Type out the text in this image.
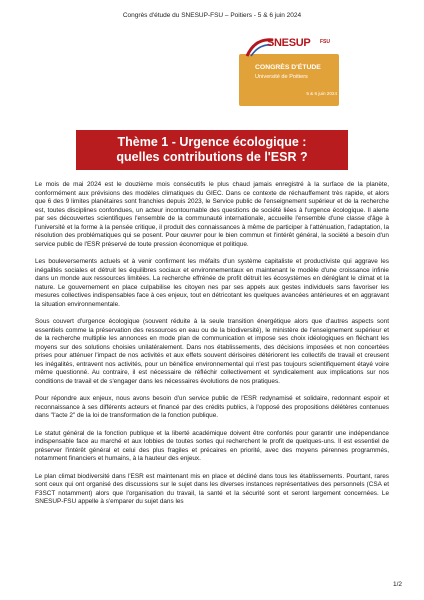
Congrès d'étude du SNESUP-FSU – Poitiers - 5 & 6 juin 2024
SNESUP FSU
CONGRÈS D'ÉTUDE
Université de Poitiers
5 & 6 juin 2024
Thème 1 - Urgence écologique :
quelles contributions de l'ESR ?

Le mois de mai 2024 est le douzième mois consécutifs le plus chaud jamais enregistré à la surface de la planète, conformément aux prévisions des modèles climatiques du GIEC. Dans ce contexte de réchauffement très rapide, et alors que 6 des 9 limites planétaires sont franchies depuis 2023, le Service public de l'enseignement supérieur et de la recherche est, toutes disciplines confondues, un acteur incontournable des questions de société liées à l'urgence écologique. Il alerte par ses découvertes scientifiques l'ensemble de la communauté internationale, accueille l'ensemble d'une classe d'âge à l'université et la forme à la pensée critique, il produit des connaissances à même de participer à l'atténuation, l'adaptation, la résolution des problématiques qui se posent. Pour œuvrer pour le bien commun et l'intérêt général, la société a besoin d'un service public de l'ESR préservé de toute pression économique et politique.

Les bouleversements actuels et à venir confirment les méfaits d'un système capitaliste et productiviste qui aggrave les inégalités sociales et détruit les équilibres sociaux et environnementaux en maintenant le modèle d'une croissance infinie dans un monde aux ressources limitées. La recherche effrénée de profit détruit les écosystèmes en déréglant le climat et la nature. Le gouvernement en place culpabilise les citoyen nes par ses appels aux gestes individuels sans favoriser les mesures collectives indispensables face à ces enjeux, tout en détricotant les quelques avancées antérieures et en aggravant la situation environnementale.

Sous couvert d'urgence écologique (souvent réduite à la seule transition énergétique alors que d'autres aspects sont essentiels comme la préservation des ressources en eau ou de la biodiversité), le ministère de l'enseignement supérieur et de la recherche multiplie les annonces en mode plan de communication et impose ses choix idéologiques en fléchant les moyens sur des solutions choisies unilatéralement. Dans nos établissements, des décisions imposées et non concertées prises pour atténuer l'impact de nos activités et aux effets souvent dérisoires détériorent les collectifs de travail et creusent les inégalités, entravent nos activités, pour un bénéfice environnemental qui n'est pas toujours scientifiquement étayé voire même questionné. Au contraire, il est nécessaire de réfléchir collectivement et syndicalement aux implications sur nos conditions de travail et de s'engager dans les nécessaires évolutions de nos pratiques.

Pour répondre aux enjeux, nous avons besoin d'un service public de l'ESR redynamisé et solidaire, redonnant espoir et reconnaissance à ses différents acteurs et financé par des crédits publics, à l'opposé des propositions délétères contenues dans "l'acte 2" de la loi de transformation de la fonction publique.

Le statut général de la fonction publique et la liberté académique doivent être confortés pour garantir une indépendance indispensable face au marché et aux lobbies de toutes sortes qui recherchent le profit de quelques-uns. Il est essentiel de préserver l'intérêt général et celui des plus fragiles et précaires en priorité, avec des moyens pérennes programmés, notamment financiers et humains, à la hauteur des enjeux.

Le plan climat biodiversité dans l'ESR est maintenant mis en place et décliné dans tous les établissements. Pourtant, rares sont ceux qui ont organisé des discussions sur le sujet dans les diverses instances représentatives des personnels (CSA et F3SCT notamment) alors que l'organisation du travail, la santé et la sécurité sont et seront largement concernées. Le SNESUP-FSU appelle à s'emparer du sujet dans les

1/2
